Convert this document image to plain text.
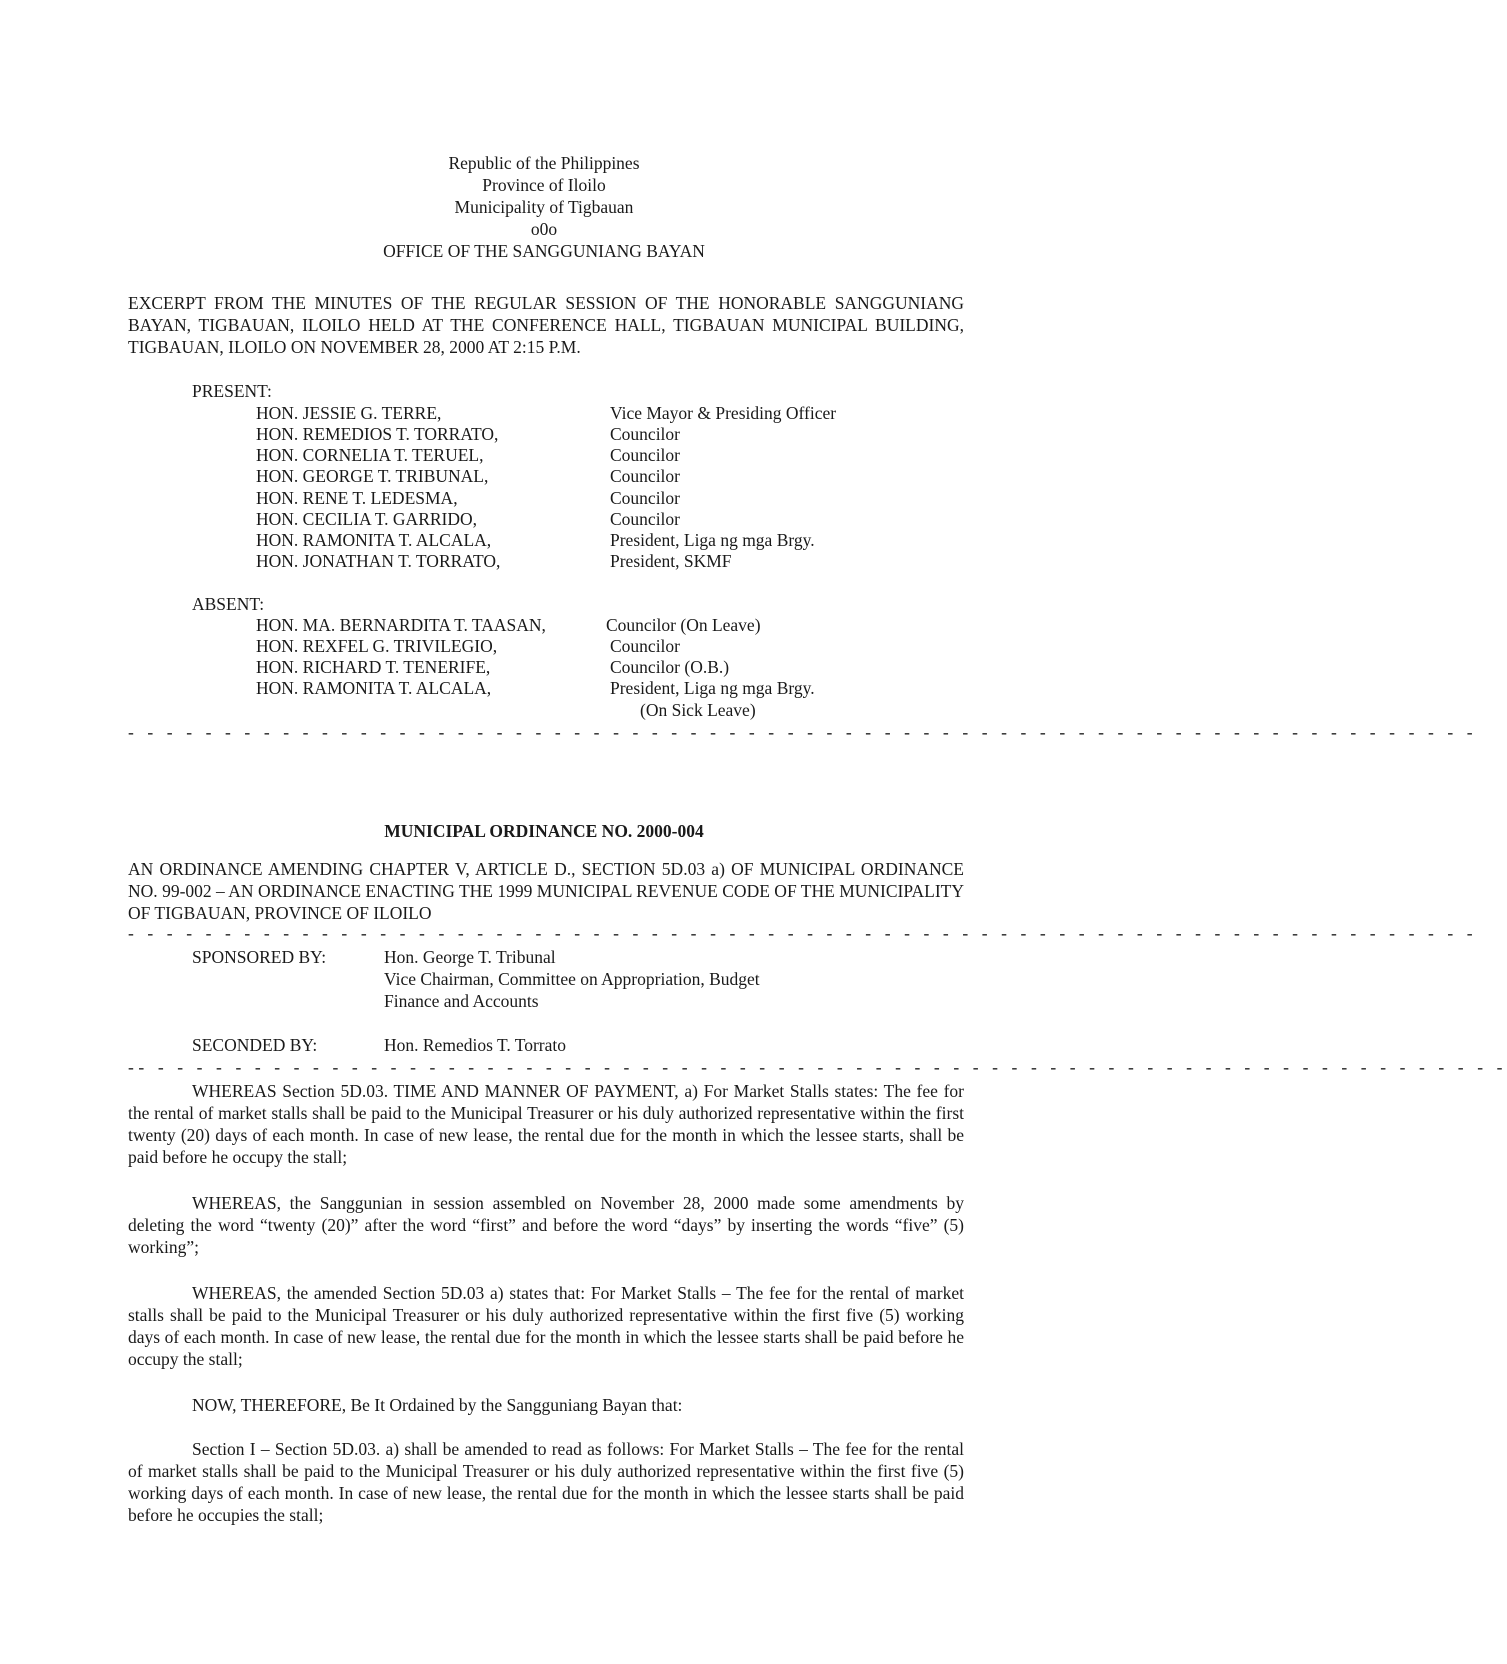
Republic of the Philippines
Province of Iloilo
Municipality of Tigbauan
o0o
OFFICE OF THE SANGGUNIANG BAYAN
EXCERPT FROM THE MINUTES OF THE REGULAR SESSION OF THE HONORABLE SANGGUNIANG BAYAN, TIGBAUAN, ILOILO HELD AT THE CONFERENCE HALL, TIGBAUAN MUNICIPAL BUILDING, TIGBAUAN, ILOILO ON NOVEMBER 28, 2000 AT 2:15 P.M.
PRESENT:
HON. JESSIE G. TERRE,	Vice Mayor & Presiding Officer
HON. REMEDIOS T. TORRATO,	Councilor
HON. CORNELIA T. TERUEL,	Councilor
HON. GEORGE T. TRIBUNAL,	Councilor
HON. RENE T. LEDESMA,	Councilor
HON. CECILIA T. GARRIDO,	Councilor
HON. RAMONITA T. ALCALA,	President, Liga ng mga Brgy.
HON. JONATHAN T. TORRATO,	President, SKMF
ABSENT:
HON. MA. BERNARDITA T. TAASAN,	Councilor (On Leave)
HON. REXFEL G. TRIVILEGIO,	Councilor
HON. RICHARD T. TENERIFE,	Councilor (O.B.)
HON. RAMONITA T. ALCALA,	President, Liga ng mga Brgy.
(On Sick Leave)
- - - - - - - - - - - - - - - - - - - - - - - - - - - - - - - - - - - - - - - - - - - - - - - - - - - - - - - - - - - - - - - - - - - - - -
MUNICIPAL ORDINANCE NO. 2000-004
AN ORDINANCE AMENDING CHAPTER V, ARTICLE D., SECTION 5D.03 a) OF MUNICIPAL ORDINANCE NO. 99-002 – AN ORDINANCE ENACTING THE 1999 MUNICIPAL REVENUE CODE OF THE MUNICIPALITY OF TIGBAUAN, PROVINCE OF ILOILO
- - - - - - - - - - - - - - - - - - - - - - - - - - - - - - - - - - - - - - - - - - - - - - - - - - - - - - - - - - - - - - - - - - - - - -
SPONSORED BY:	Hon. George T. Tribunal
Vice Chairman, Committee on Appropriation, Budget
Finance and Accounts
SECONDED BY:	Hon. Remedios T. Torrato
-- - - - - - - - - - - - - - - - - - - - - - - - - - - - - - - - - - - - - - - - - - - - - - - - - - - - - - - - - - - - - - - - - - - - - - -
WHEREAS Section 5D.03. TIME AND MANNER OF PAYMENT, a) For Market Stalls states: The fee for the rental of market stalls shall be paid to the Municipal Treasurer or his duly authorized representative within the first twenty (20) days of each month. In case of new lease, the rental due for the month in which the lessee starts, shall be paid before he occupy the stall;
WHEREAS, the Sanggunian in session assembled on November 28, 2000 made some amendments by deleting the word “twenty (20)” after the word “first” and before the word “days” by inserting the words “five” (5) working”;
WHEREAS, the amended Section 5D.03 a) states that: For Market Stalls – The fee for the rental of market stalls shall be paid to the Municipal Treasurer or his duly authorized representative within the first five (5) working days of each month. In case of new lease, the rental due for the month in which the lessee starts shall be paid before he occupy the stall;
NOW, THEREFORE, Be It Ordained by the Sangguniang Bayan that:
Section I – Section 5D.03. a) shall be amended to read as follows: For Market Stalls – The fee for the rental of market stalls shall be paid to the Municipal Treasurer or his duly authorized representative within the first five (5) working days of each month. In case of new lease, the rental due for the month in which the lessee starts shall be paid before he occupies the stall;
